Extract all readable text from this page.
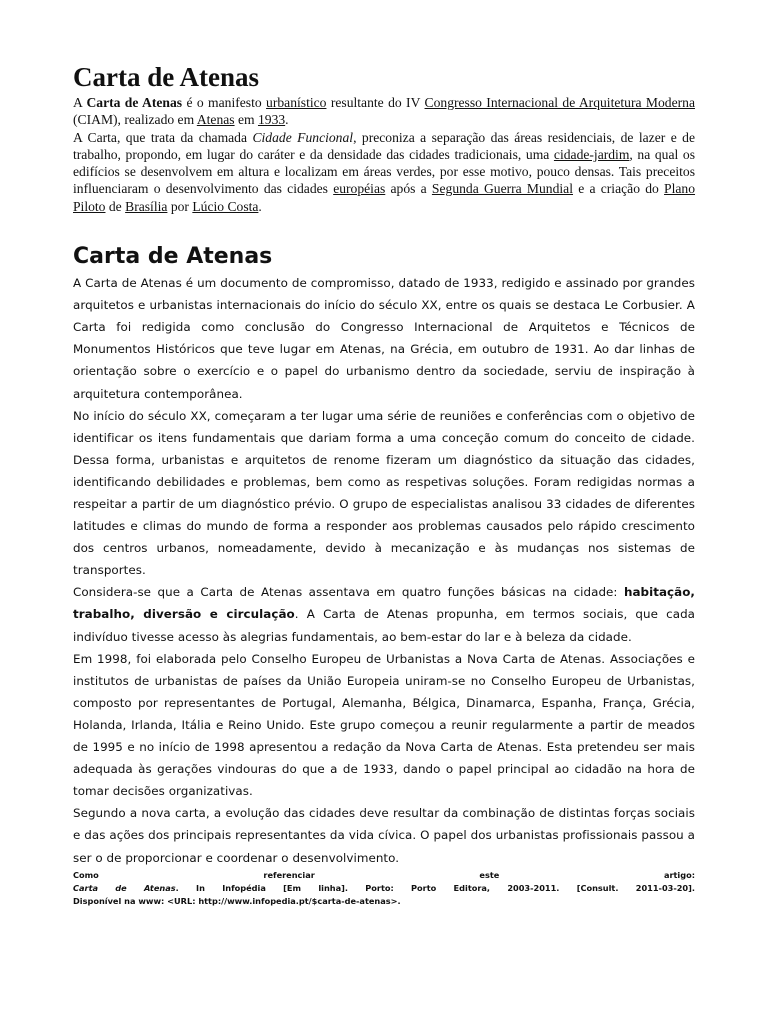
Carta de Atenas

A Carta de Atenas é o manifesto urbanístico resultante do IV Congresso Internacional de Arquitetura Moderna (CIAM), realizado em Atenas em 1933.

A Carta, que trata da chamada Cidade Funcional, preconiza a separação das áreas residenciais, de lazer e de trabalho, propondo, em lugar do caráter e da densidade das cidades tradicionais, uma cidade-jardim, na qual os edifícios se desenvolvem em altura e localizam em áreas verdes, por esse motivo, pouco densas. Tais preceitos influenciaram o desenvolvimento das cidades européias após a Segunda Guerra Mundial e a criação do Plano Piloto de Brasília por Lúcio Costa.

Carta de Atenas

A Carta de Atenas é um documento de compromisso, datado de 1933, redigido e assinado por grandes arquitetos e urbanistas internacionais do início do século XX, entre os quais se destaca Le Corbusier. A Carta foi redigida como conclusão do Congresso Internacional de Arquitetos e Técnicos de Monumentos Históricos que teve lugar em Atenas, na Grécia, em outubro de 1931. Ao dar linhas de orientação sobre o exercício e o papel do urbanismo dentro da sociedade, serviu de inspiração à arquitetura contemporânea.

No início do século XX, começaram a ter lugar uma série de reuniões e conferências com o objetivo de identificar os itens fundamentais que dariam forma a uma conceção comum do conceito de cidade. Dessa forma, urbanistas e arquitetos de renome fizeram um diagnóstico da situação das cidades, identificando debilidades e problemas, bem como as respetivas soluções. Foram redigidas normas a respeitar a partir de um diagnóstico prévio. O grupo de especialistas analisou 33 cidades de diferentes latitudes e climas do mundo de forma a responder aos problemas causados pelo rápido crescimento dos centros urbanos, nomeadamente, devido à mecanização e às mudanças nos sistemas de transportes.

Considera-se que a Carta de Atenas assentava em quatro funções básicas na cidade: habitação, trabalho, diversão e circulação. A Carta de Atenas propunha, em termos sociais, que cada indivíduo tivesse acesso às alegrias fundamentais, ao bem-estar do lar e à beleza da cidade.

Em 1998, foi elaborada pelo Conselho Europeu de Urbanistas a Nova Carta de Atenas. Associações e institutos de urbanistas de países da União Europeia uniram-se no Conselho Europeu de Urbanistas, composto por representantes de Portugal, Alemanha, Bélgica, Dinamarca, Espanha, França, Grécia, Holanda, Irlanda, Itália e Reino Unido. Este grupo começou a reunir regularmente a partir de meados de 1995 e no início de 1998 apresentou a redação da Nova Carta de Atenas. Esta pretendeu ser mais adequada às gerações vindouras do que a de 1933, dando o papel principal ao cidadão na hora de tomar decisões organizativas.

Segundo a nova carta, a evolução das cidades deve resultar da combinação de distintas forças sociais e das ações dos principais representantes da vida cívica. O papel dos urbanistas profissionais passou a ser o de proporcionar e coordenar o desenvolvimento.

Como	referenciar	este	artigo:

Carta de Atenas. In Infopédia [Em linha]. Porto: Porto Editora, 2003-2011. [Consult. 2011-03-20].

Disponível na www: <URL: http://www.infopedia.pt/$carta-de-atenas>.
